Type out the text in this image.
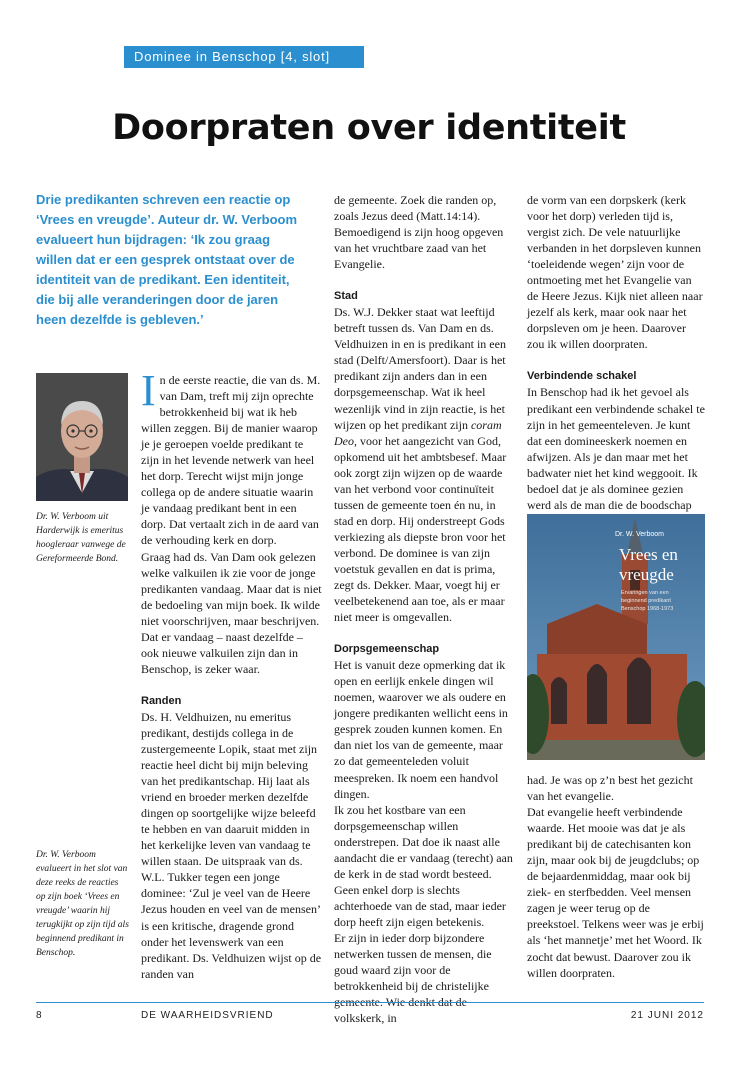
Dominee in Benschop [4, slot]
Doorpraten over identiteit

Drie predikanten schreven een reactie op ‘Vrees en vreugde’. Auteur dr. W. Verboom evalueert hun bijdragen: ‘Ik zou graag willen dat er een gesprek ontstaat over de identiteit van de predikant. Een identiteit, die bij alle veranderingen door de jaren heen dezelfde is gebleven.’

Dr. W. Verboom uit Harderwijk is emeritus hoogleraar vanwege de Gereformeerde Bond.

Dr. W. Verboom evalueert in het slot van deze reeks de reacties op zijn boek ‘Vrees en vreugde’ waarin hij terugkijkt op zijn tijd als beginnend predikant in Benschop.

In de eerste reactie, die van ds. M. van Dam, treft mij zijn oprechte betrokkenheid bij wat ik heb willen zeggen. Bij de manier waarop je je geroepen voelde predikant te zijn in het levende netwerk van heel het dorp. Terecht wijst mijn jonge collega op de andere situatie waarin je vandaag predikant bent in een dorp. Dat vertaalt zich in de aard van de verhouding kerk en dorp.

Graag had ds. Van Dam ook gelezen welke valkuilen ik zie voor de jonge predikanten vandaag. Maar dat is niet de bedoeling van mijn boek. Ik wilde niet voorschrijven, maar beschrijven. Dat er vandaag – naast dezelfde – ook nieuwe valkuilen zijn dan in Benschop, is zeker waar.

Randen

Ds. H. Veldhuizen, nu emeritus predikant, destijds collega in de zustergemeente Lopik, staat met zijn reactie heel dicht bij mijn beleving van het predikantschap. Hij laat als vriend en broeder merken dezelfde dingen op soortgelijke wijze beleefd te hebben en van daaruit midden in het kerkelijke leven van vandaag te willen staan. De uitspraak van ds. W.L. Tukker tegen een jonge dominee: ‘Zul je veel van de Heere Jezus houden en veel van de mensen’ is een kritische, dragende grond onder het levenswerk van een predikant. Ds. Veldhuizen wijst op de randen van

de gemeente. Zoek die randen op, zoals Jezus deed (Matt.14:14). Bemoedigend is zijn hoog opgeven van het vruchtbare zaad van het Evangelie.

Stad

Ds. W.J. Dekker staat wat leeftijd betreft tussen ds. Van Dam en ds. Veldhuizen in en is predikant in een stad (Delft/Amersfoort). Daar is het predikant zijn anders dan in een dorpsgemeenschap. Wat ik heel wezenlijk vind in zijn reactie, is het wijzen op het predikant zijn coram Deo, voor het aangezicht van God, opkomend uit het ambtsbesef. Maar ook zorgt zijn wijzen op de waarde van het verbond voor continuïteit tussen de gemeente toen én nu, in stad en dorp. Hij onderstreept Gods verkiezing als diepste bron voor het verbond. De dominee is van zijn voetstuk gevallen en dat is prima, zegt ds. Dekker. Maar, voegt hij er veelbetekenend aan toe, als er maar niet meer is omgevallen.

Dorpsgemeenschap

Het is vanuit deze opmerking dat ik open en eerlijk enkele dingen wil noemen, waarover we als oudere en jongere predikanten wellicht eens in gesprek zouden kunnen komen. En dan niet los van de gemeente, maar zo dat gemeenteleden voluit meespreken. Ik noem een handvol dingen.

Ik zou het kostbare van een dorpsgemeenschap willen onderstrepen. Dat doe ik naast alle aandacht die er vandaag (terecht) aan de kerk in de stad wordt besteed. Geen enkel dorp is slechts achterhoede van de stad, maar ieder dorp heeft zijn eigen betekenis.

Er zijn in ieder dorp bijzondere netwerken tussen de mensen, die goud waard zijn voor de betrokkenheid bij de christelijke gemeente. Wie denkt dat de volkskerk, in

de vorm van een dorpskerk (kerk voor het dorp) verleden tijd is, vergist zich. De vele natuurlijke verbanden in het dorpsleven kunnen ‘toeleidende wegen’ zijn voor de ontmoeting met het Evangelie van de Heere Jezus. Kijk niet alleen naar jezelf als kerk, maar ook naar het dorpsleven om je heen. Daarover zou ik willen doorpraten.

Verbindende schakel

In Benschop had ik het gevoel als predikant een verbindende schakel te zijn in het gemeenteleven. Je kunt dat een domineeskerk noemen en afwijzen. Als je dan maar met het badwater niet het kind weggooit. Ik bedoel dat je als dominee gezien werd als de man die de boodschap

Dr. W. Verboom
Vrees en
vreugde
Ervaringen van een
beginnend predikant
Benschop 1968-1973

had. Je was op z’n best het gezicht van het evangelie.

Dat evangelie heeft verbindende waarde. Het mooie was dat je als predikant bij de catechisanten kon zijn, maar ook bij de jeugdclubs; op de bejaardenmiddag, maar ook bij ziek- en sterfbedden. Veel mensen zagen je weer terug op de preekstoel. Telkens weer was je erbij als ‘het mannetje’ met het Woord. Ik zocht dat bewust. Daarover zou ik willen doorpraten.

8	DE WAARHEIDSVRIEND	21 JUNI 2012
